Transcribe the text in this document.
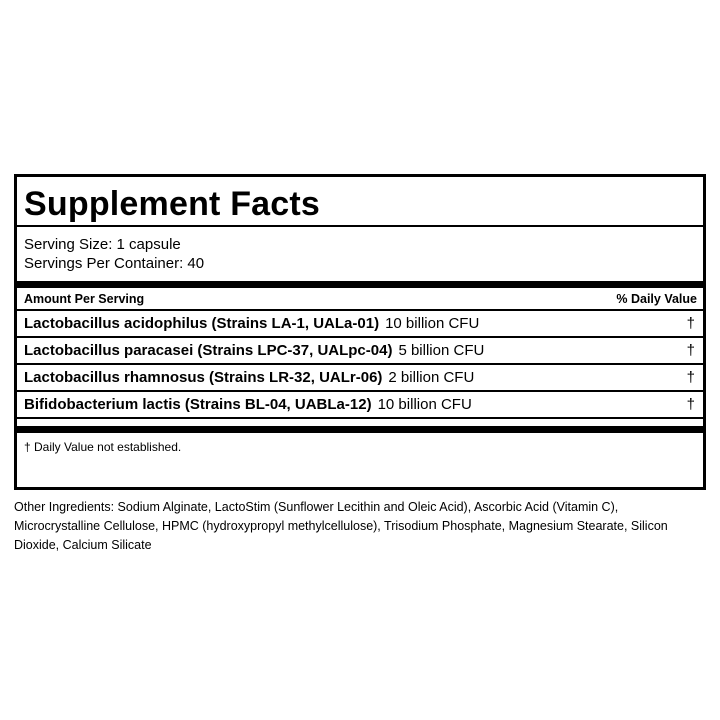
Supplement Facts
Serving Size: 1 capsule
Servings Per Container: 40
Amount Per Serving	% Daily Value
Lactobacillus acidophilus (Strains LA-1, UALa-01) 10 billion CFU	†
Lactobacillus paracasei (Strains LPC-37, UALpc-04) 5 billion CFU	†
Lactobacillus rhamnosus (Strains LR-32, UALr-06) 2 billion CFU	†
Bifidobacterium lactis (Strains BL-04, UABLa-12) 10 billion CFU	†
† Daily Value not established.
Other Ingredients: Sodium Alginate, LactoStim (Sunflower Lecithin and Oleic Acid), Ascorbic Acid (Vitamin C), Microcrystalline Cellulose, HPMC (hydroxypropyl methylcellulose), Trisodium Phosphate, Magnesium Stearate, Silicon Dioxide, Calcium Silicate
